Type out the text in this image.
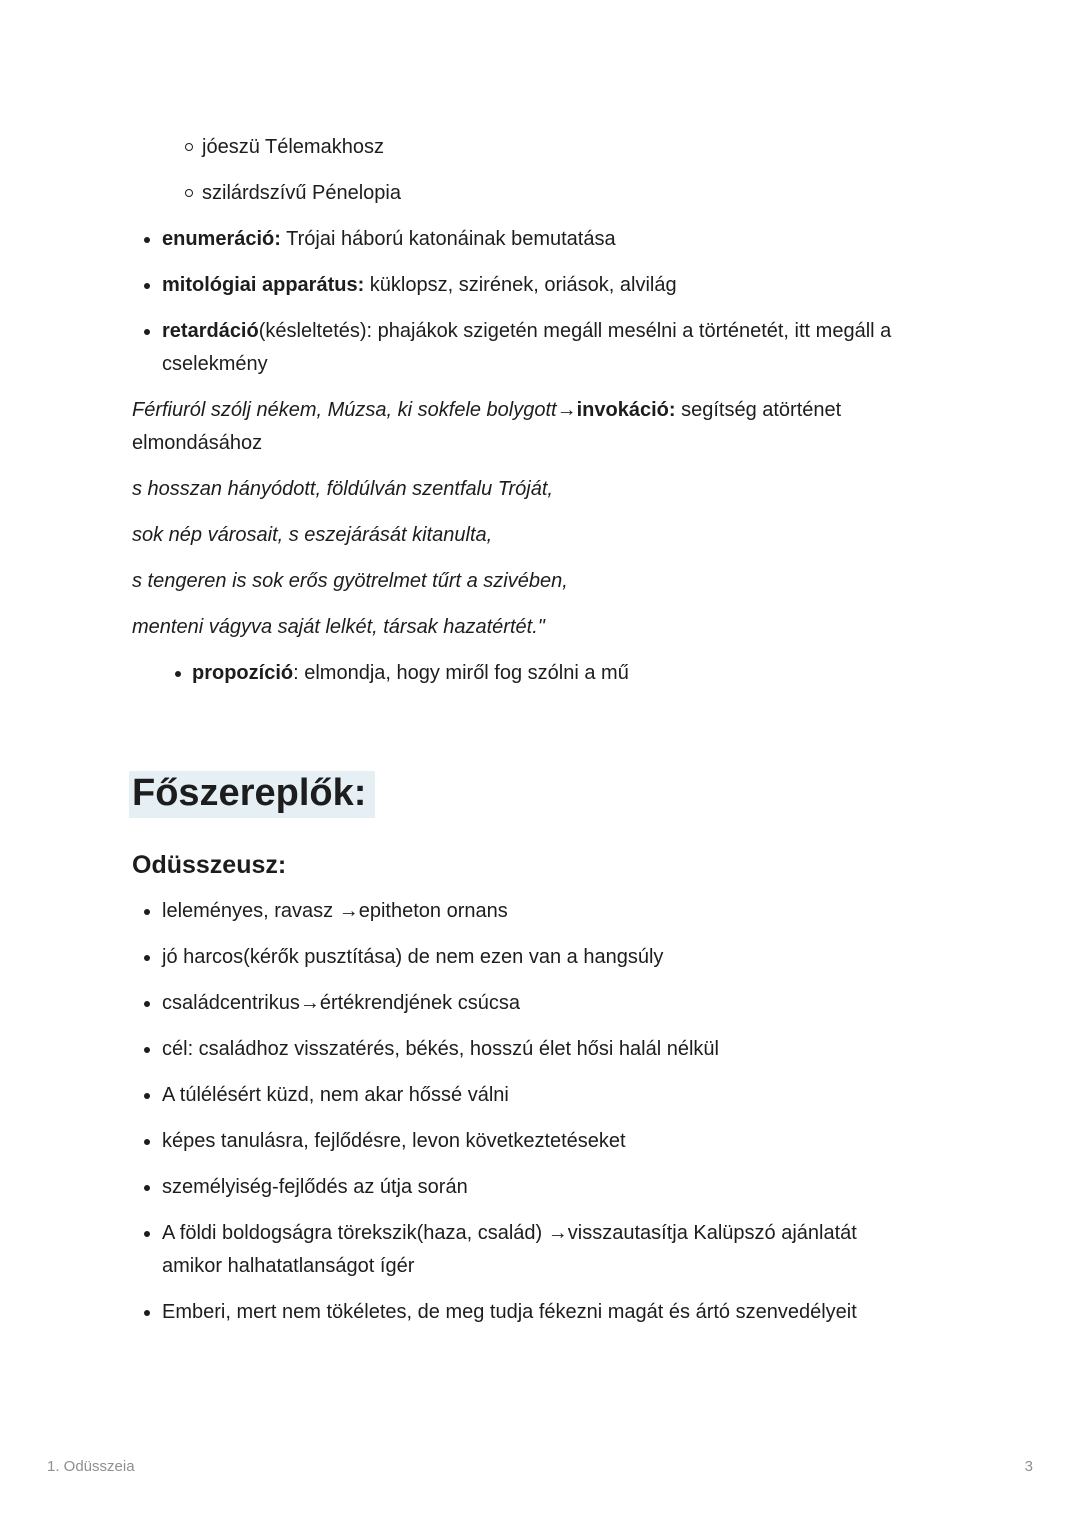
jóeszü Télemakhosz
szilárdszívű Pénelopia
enumeráció: Trójai háború katonáinak bemutatása
mitológiai apparátus: küklopsz, szirének, oriások, alvilág
retardáció(késleltetés): phajákok szigetén megáll mesélni a történetét, itt megáll a cselekmény

Férfiuról szólj nékem, Múzsa, ki sokfele bolygott→invokáció: segítség atörténet elmondásához

s hosszan hányódott, földúlván szentfalu Tróját,

sok nép városait, s eszejárását kitanulta,

s tengeren is sok erős gyötrelmet tűrt a szivében,

menteni vágyva saját lelkét, társak hazatértét."

propozíció: elmondja, hogy miről fog szólni a mű
Főszereplők:
Odüsszeusz:
leleményes, ravasz →epitheton ornans
jó harcos(kérők pusztítása) de nem ezen van a hangsúly
családcentrikus→értékrendjének csúcsa
cél: családhoz visszatérés, békés, hosszú élet hősi halál nélkül
A túlélésért küzd, nem akar hőssé válni
képes tanulásra, fejlődésre, levon következtetéseket
személyiség-fejlődés az útja során
A földi boldogságra törekszik(haza, család) →visszautasítja Kalüpszó ajánlatát amikor halhatatlanságot ígér
Emberi, mert nem tökéletes, de meg tudja fékezni magát és ártó szenvedélyeit
1. Odüsszeia	3
